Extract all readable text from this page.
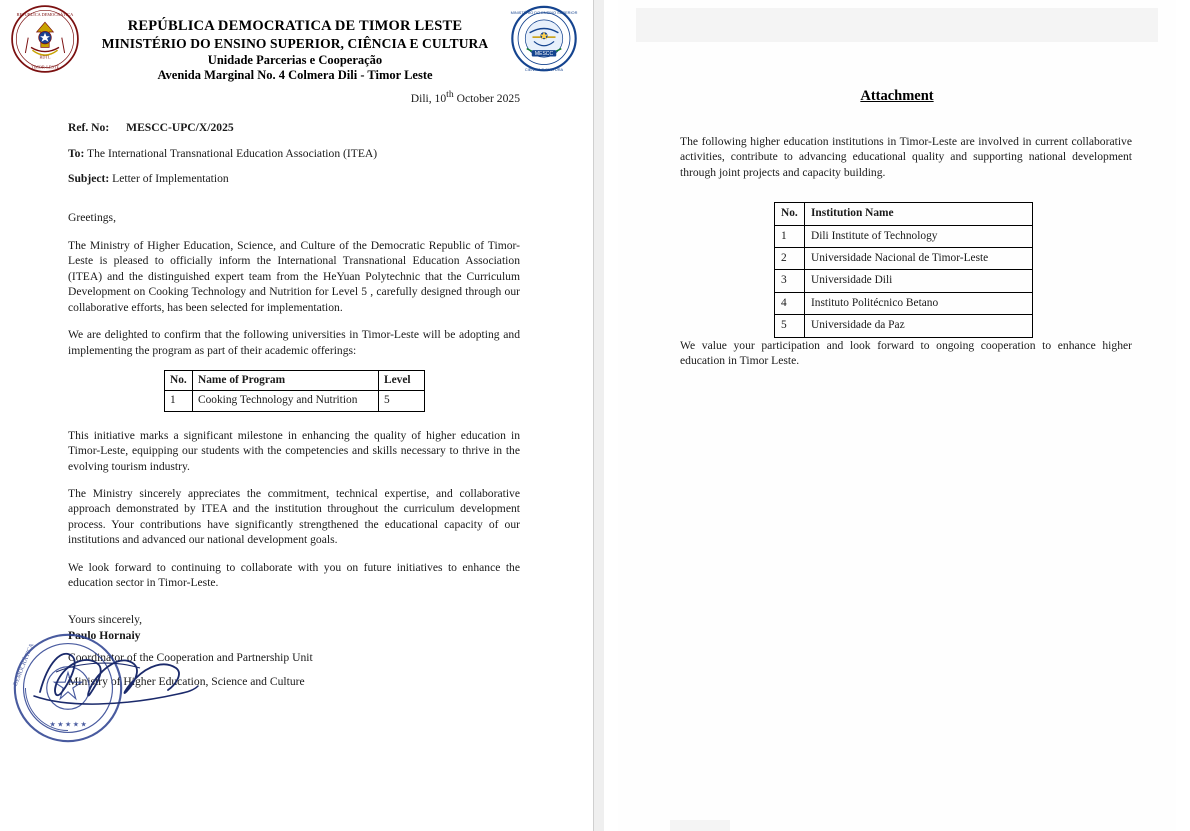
REPÚBLICA DEMOCRÁTICA
TIMOR-LESTE
RDTL	MESCC
MINISTÉRIO DO ENSINO SUPERIOR
CIÊNCIA E CULTURA
REPÚBLICA DEMOCRATICA DE TIMOR LESTE
MINISTÉRIO DO ENSINO SUPERIOR, CIÊNCIA E CULTURA
Unidade Parcerias e Cooperação
Avenida Marginal No. 4 Colmera Dili - Timor Leste
Dili, 10th October 2025
Ref. No: MESCC-UPC/X/2025
To: The International Transnational Education Association (ITEA)
Subject: Letter of Implementation
Greetings,

The Ministry of Higher Education, Science, and Culture of the Democratic Republic of Timor-Leste is pleased to officially inform the International Transnational Education Association (ITEA) and the distinguished expert team from the HeYuan Polytechnic that the Curriculum Development on Cooking Technology and Nutrition for Level 5 , carefully designed through our collaborative efforts, has been selected for implementation.

We are delighted to confirm that the following universities in Timor-Leste will be adopting and implementing the program as part of their academic offerings:

No.	Name of Program	Level
1	Cooking Technology and Nutrition	5

This initiative marks a significant milestone in enhancing the quality of higher education in Timor-Leste, equipping our students with the competencies and skills necessary to thrive in the evolving tourism industry.

The Ministry sincerely appreciates the commitment, technical expertise, and collaborative approach demonstrated by ITEA and the institution throughout the curriculum development process. Your contributions have significantly strengthened the educational capacity of our institutions and advanced our national development goals.

We look forward to continuing to collaborate with you on future initiatives to enhance the education sector in Timor-Leste.

Yours sincerely,
★ ★ ★ ★ ★
DEMOCRÁTICA

Paulo Hornaiy

Coordinator of the Cooperation and Partnership Unit

Ministry of Higher Education, Science and Culture

Attachment

The following higher education institutions in Timor-Leste are involved in current collaborative activities, contribute to advancing educational quality and supporting national development through joint projects and capacity building.

No.	Institution Name
1	Dili Institute of Technology
2	Universidade Nacional de Timor-Leste
3	Universidade Dili
4	Instituto Politécnico Betano
5	Universidade da Paz

We value your participation and look forward to ongoing cooperation to enhance higher education in Timor Leste.
